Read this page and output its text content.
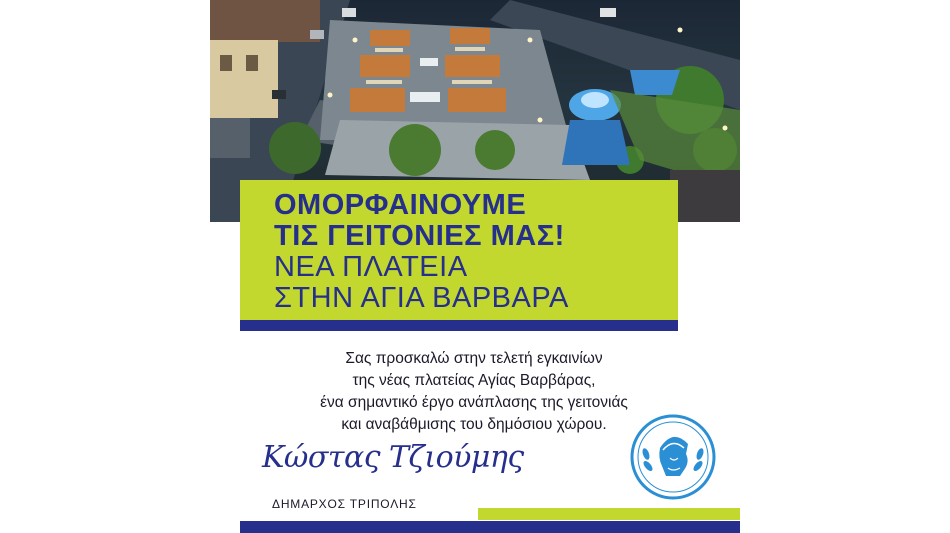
ΟΜΟΡΦΑΙΝΟΥΜΕ
ΤΙΣ ΓΕΙΤΟΝΙΕΣ ΜΑΣ!
ΝΕΑ ΠΛΑΤΕΙΑ
ΣΤΗΝ ΑΓΙΑ ΒΑΡΒΑΡΑ
Σας προσκαλώ στην τελετή εγκαινίων
της νέας πλατείας Αγίας Βαρβάρας,
ένα σημαντικό έργο ανάπλασης της γειτονιάς
και αναβάθμισης του δημόσιου χώρου.
Κώστας Τζιούμης
ΔΗΜΑΡΧΟΣ ΤΡΙΠΟΛΗΣ
